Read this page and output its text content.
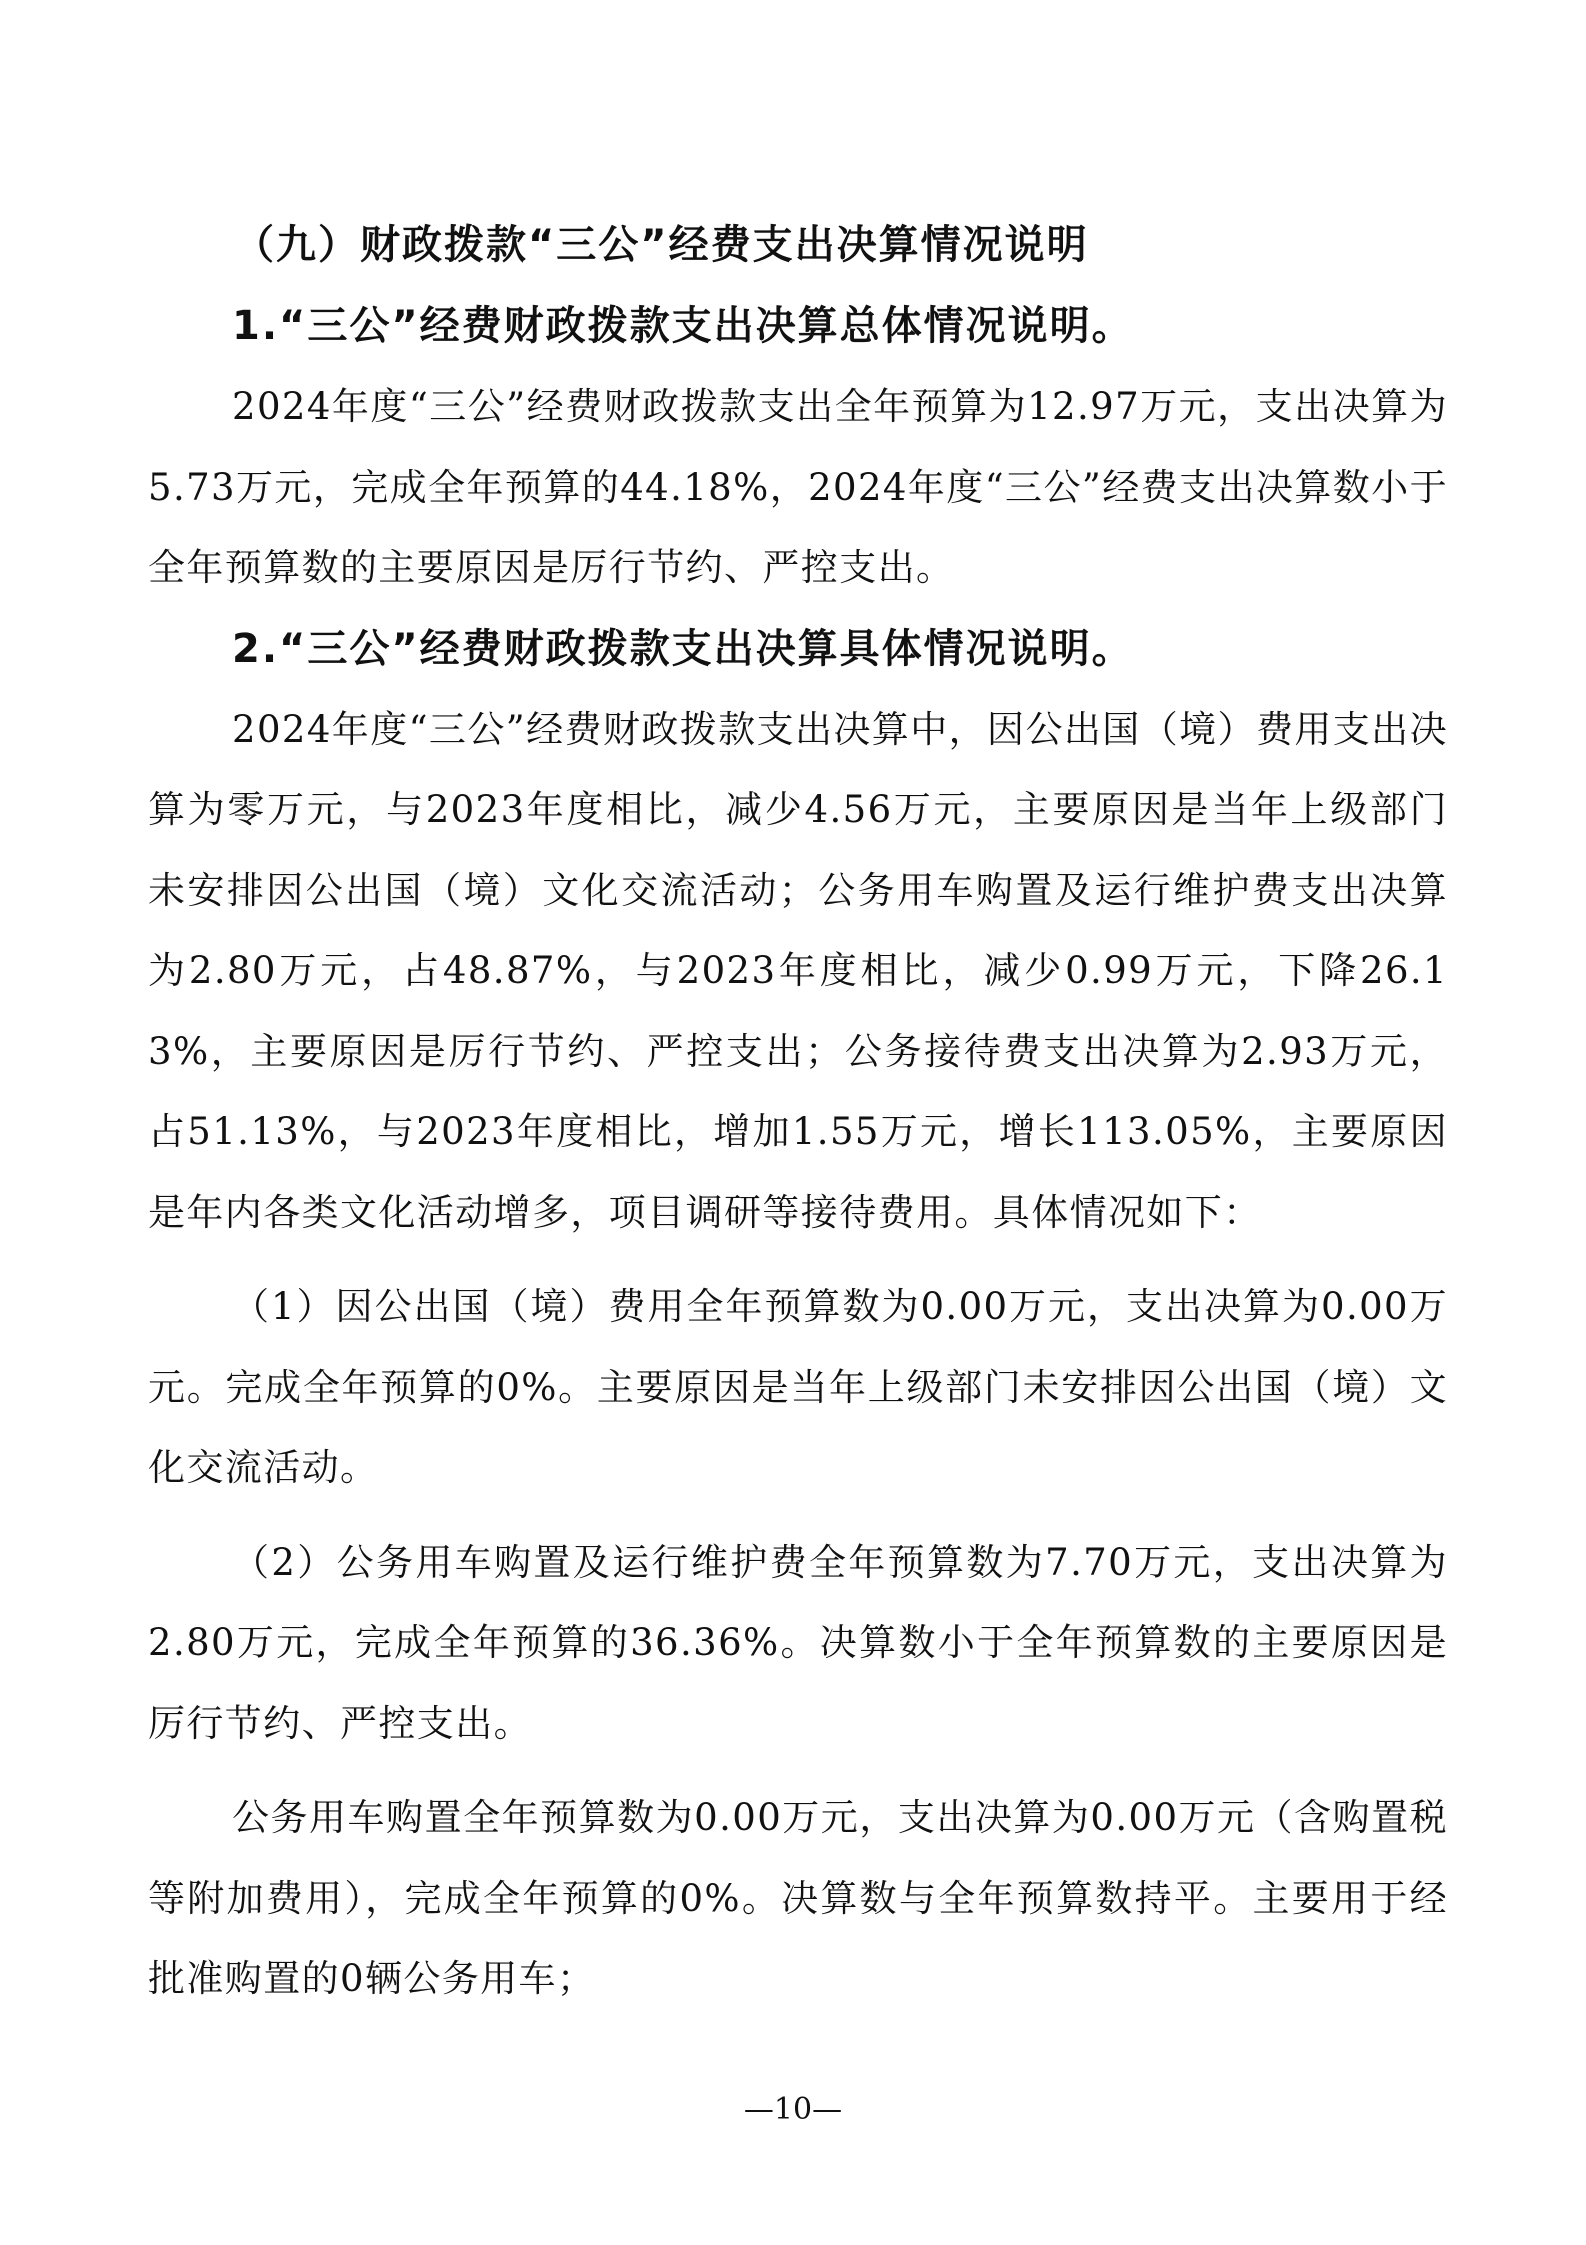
（九）财政拨款“三公”经费支出决算情况说明
1.“三公”经费财政拨款支出决算总体情况说明。

2024年度“三公”经费财政拨款支出全年预算为12.97万元，支出决算为5.73万元，完成全年预算的44.18%，2024年度“三公”经费支出决算数小于全年预算数的主要原因是厉行节约、严控支出。

2.“三公”经费财政拨款支出决算具体情况说明。

2024年度“三公”经费财政拨款支出决算中，因公出国（境）费用支出决算为零万元，与2023年度相比，减少4.56万元，主要原因是当年上级部门未安排因公出国（境）文化交流活动；公务用车购置及运行维护费支出决算为2.80万元，占48.87%，与2023年度相比，减少0.99万元，下降26.13%，主要原因是厉行节约、严控支出；公务接待费支出决算为2.93万元，占51.13%，与2023年度相比，增加1.55万元，增长113.05%，主要原因是年内各类文化活动增多，项目调研等接待费用。具体情况如下：

（1）因公出国（境）费用全年预算数为0.00万元，支出决算为0.00万元。完成全年预算的0%。主要原因是当年上级部门未安排因公出国（境）文化交流活动。

（2）公务用车购置及运行维护费全年预算数为7.70万元，支出决算为2.80万元，完成全年预算的36.36%。决算数小于全年预算数的主要原因是厉行节约、严控支出。

公务用车购置全年预算数为0.00万元，支出决算为0.00万元（含购置税等附加费用），完成全年预算的0%。决算数与全年预算数持平。主要用于经批准购置的0辆公务用车；

—10—
